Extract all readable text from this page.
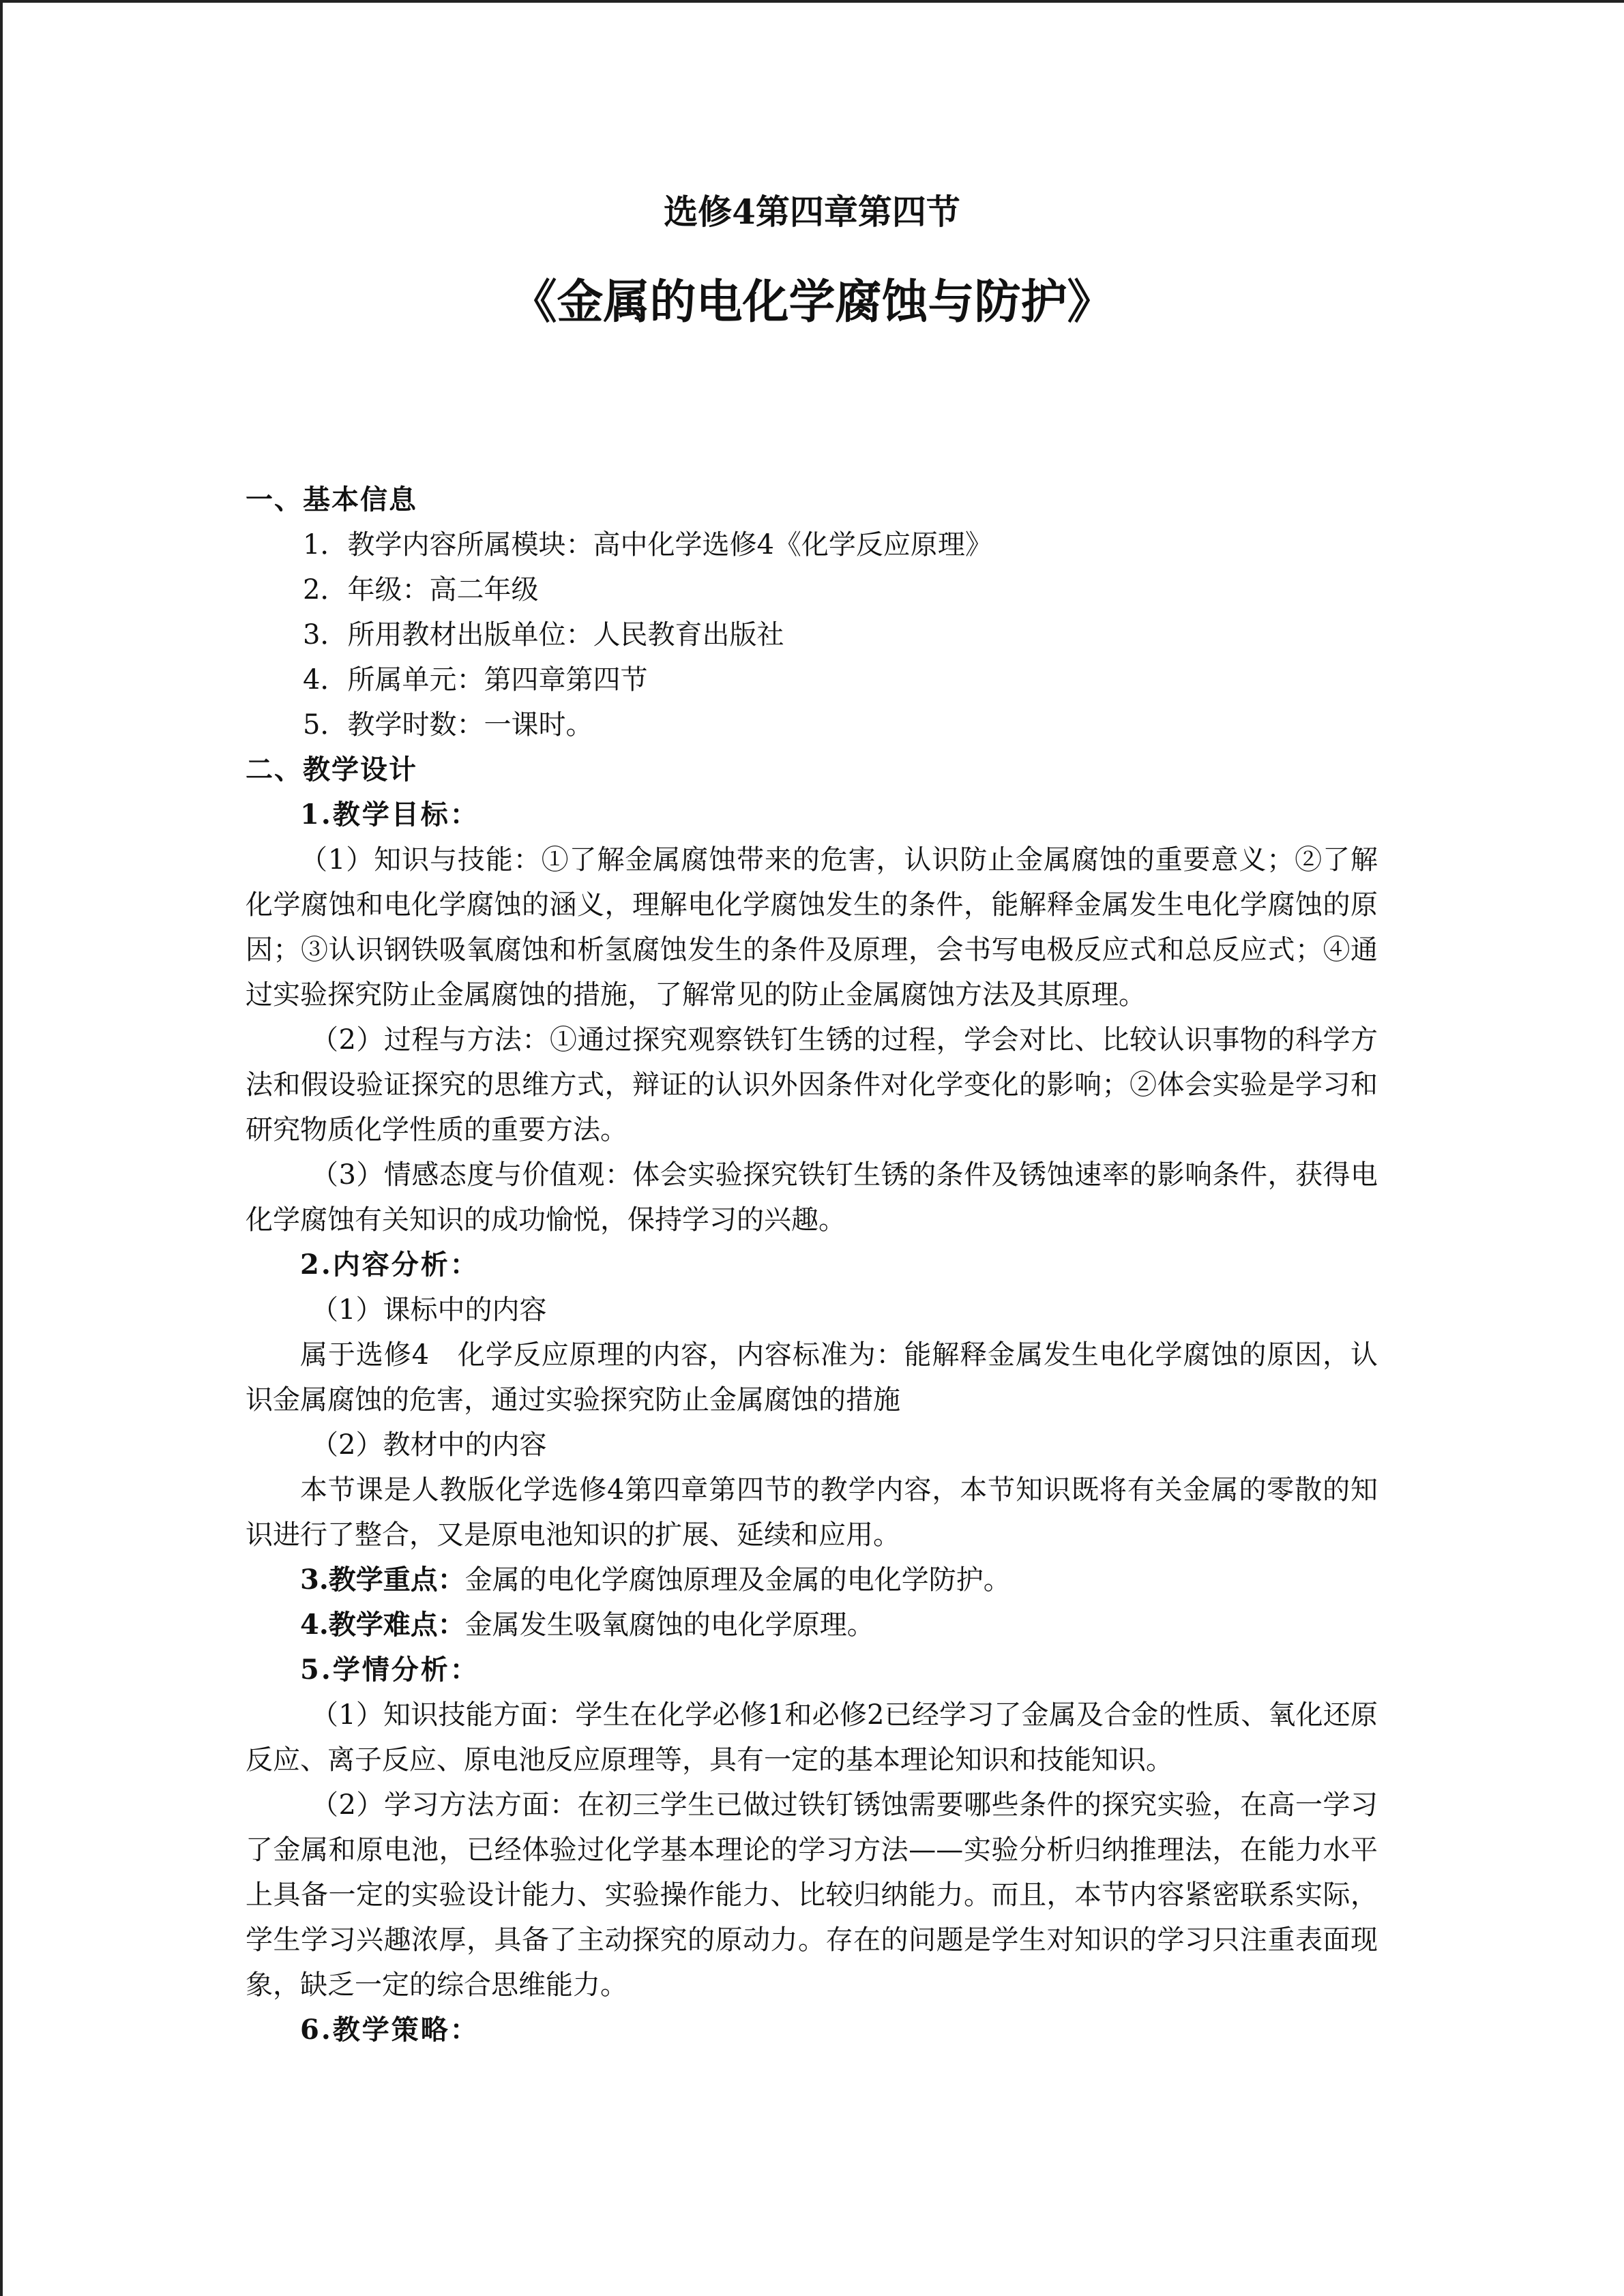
选修4第四章第四节
《金属的电化学腐蚀与防护》

一、基本信息

1．教学内容所属模块：高中化学选修4《化学反应原理》

2．年级：高二年级

3．所用教材出版单位：人民教育出版社

4．所属单元：第四章第四节

5．教学时数：一课时。

二、教学设计

1.教学目标：

（1）知识与技能：①了解金属腐蚀带来的危害，认识防止金属腐蚀的重要意义；②了解化学腐蚀和电化学腐蚀的涵义，理解电化学腐蚀发生的条件，能解释金属发生电化学腐蚀的原因；③认识钢铁吸氧腐蚀和析氢腐蚀发生的条件及原理，会书写电极反应式和总反应式；④通过实验探究防止金属腐蚀的措施，了解常见的防止金属腐蚀方法及其原理。

（2）过程与方法：①通过探究观察铁钉生锈的过程，学会对比、比较认识事物的科学方法和假设验证探究的思维方式，辩证的认识外因条件对化学变化的影响；②体会实验是学习和研究物质化学性质的重要方法。

（3）情感态度与价值观：体会实验探究铁钉生锈的条件及锈蚀速率的影响条件，获得电化学腐蚀有关知识的成功愉悦，保持学习的兴趣。

2.内容分析：

（1）课标中的内容

属于选修4　化学反应原理的内容，内容标准为：能解释金属发生电化学腐蚀的原因，认识金属腐蚀的危害，通过实验探究防止金属腐蚀的措施

（2）教材中的内容

本节课是人教版化学选修4第四章第四节的教学内容，本节知识既将有关金属的零散的知识进行了整合，又是原电池知识的扩展、延续和应用。

3.教学重点：金属的电化学腐蚀原理及金属的电化学防护。

4.教学难点：金属发生吸氧腐蚀的电化学原理。

5.学情分析：

（1）知识技能方面：学生在化学必修1和必修2已经学习了金属及合金的性质、氧化还原反应、离子反应、原电池反应原理等，具有一定的基本理论知识和技能知识。

（2）学习方法方面：在初三学生已做过铁钉锈蚀需要哪些条件的探究实验，在高一学习了金属和原电池，已经体验过化学基本理论的学习方法——实验分析归纳推理法，在能力水平上具备一定的实验设计能力、实验操作能力、比较归纳能力。而且，本节内容紧密联系实际，学生学习兴趣浓厚，具备了主动探究的原动力。存在的问题是学生对知识的学习只注重表面现象，缺乏一定的综合思维能力。

6.教学策略：
